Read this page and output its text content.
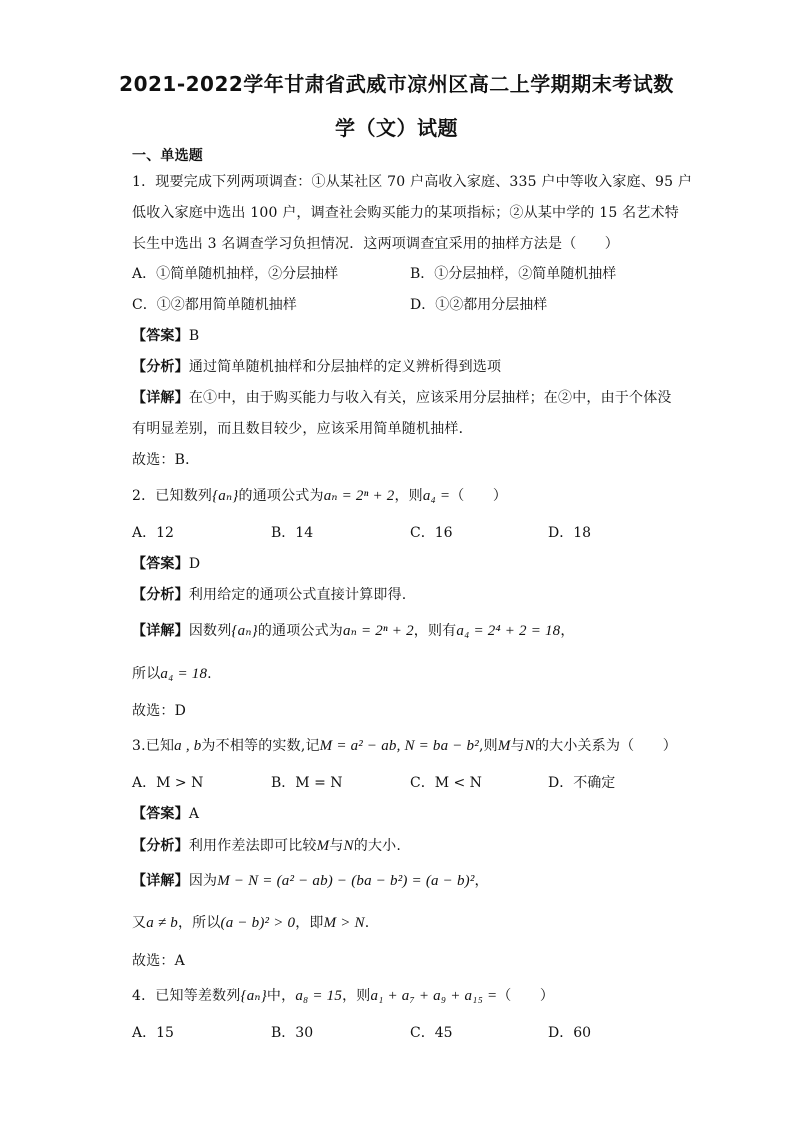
2021-2022学年甘肃省武威市凉州区高二上学期期末考试数
学（文）试题
一、单选题
1．现要完成下列两项调查：①从某社区 70 户高收入家庭、335 户中等收入家庭、95 户
低收入家庭中选出 100 户，调查社会购买能力的某项指标；②从某中学的 15 名艺术特
长生中选出 3 名调查学习负担情况．这两项调查宜采用的抽样方法是（　　）
A．①简单随机抽样，②分层抽样	B．①分层抽样，②简单随机抽样
C．①②都用简单随机抽样	D．①②都用分层抽样
【答案】B
【分析】通过简单随机抽样和分层抽样的定义辨析得到选项
【详解】在①中，由于购买能力与收入有关，应该采用分层抽样；在②中，由于个体没
有明显差别，而且数目较少，应该采用简单随机抽样．
故选：B．
2．已知数列{aₙ}的通项公式为aₙ = 2ⁿ + 2，则a₄ =（　　）
A．12	B．14	C．16	D．18
【答案】D
【分析】利用给定的通项公式直接计算即得.
【详解】因数列{aₙ}的通项公式为aₙ = 2ⁿ + 2，则有a₄ = 2⁴ + 2 = 18，
所以a₄ = 18.
故选：D
3.已知a , b为不相等的实数,记M = a² − ab, N = ba − b²,则M与N的大小关系为（　　）
A．M > N	B．M = N	C．M < N	D．不确定
【答案】A
【分析】利用作差法即可比较M与N的大小.
【详解】因为M − N = (a² − ab) − (ba − b²) = (a − b)²，
又a ≠ b，所以(a − b)² > 0，即M > N.
故选：A
4．已知等差数列{aₙ}中，a₈ = 15，则a₁ + a₇ + a₉ + a₁₅ =（　　）
A．15	B．30	C．45	D．60
